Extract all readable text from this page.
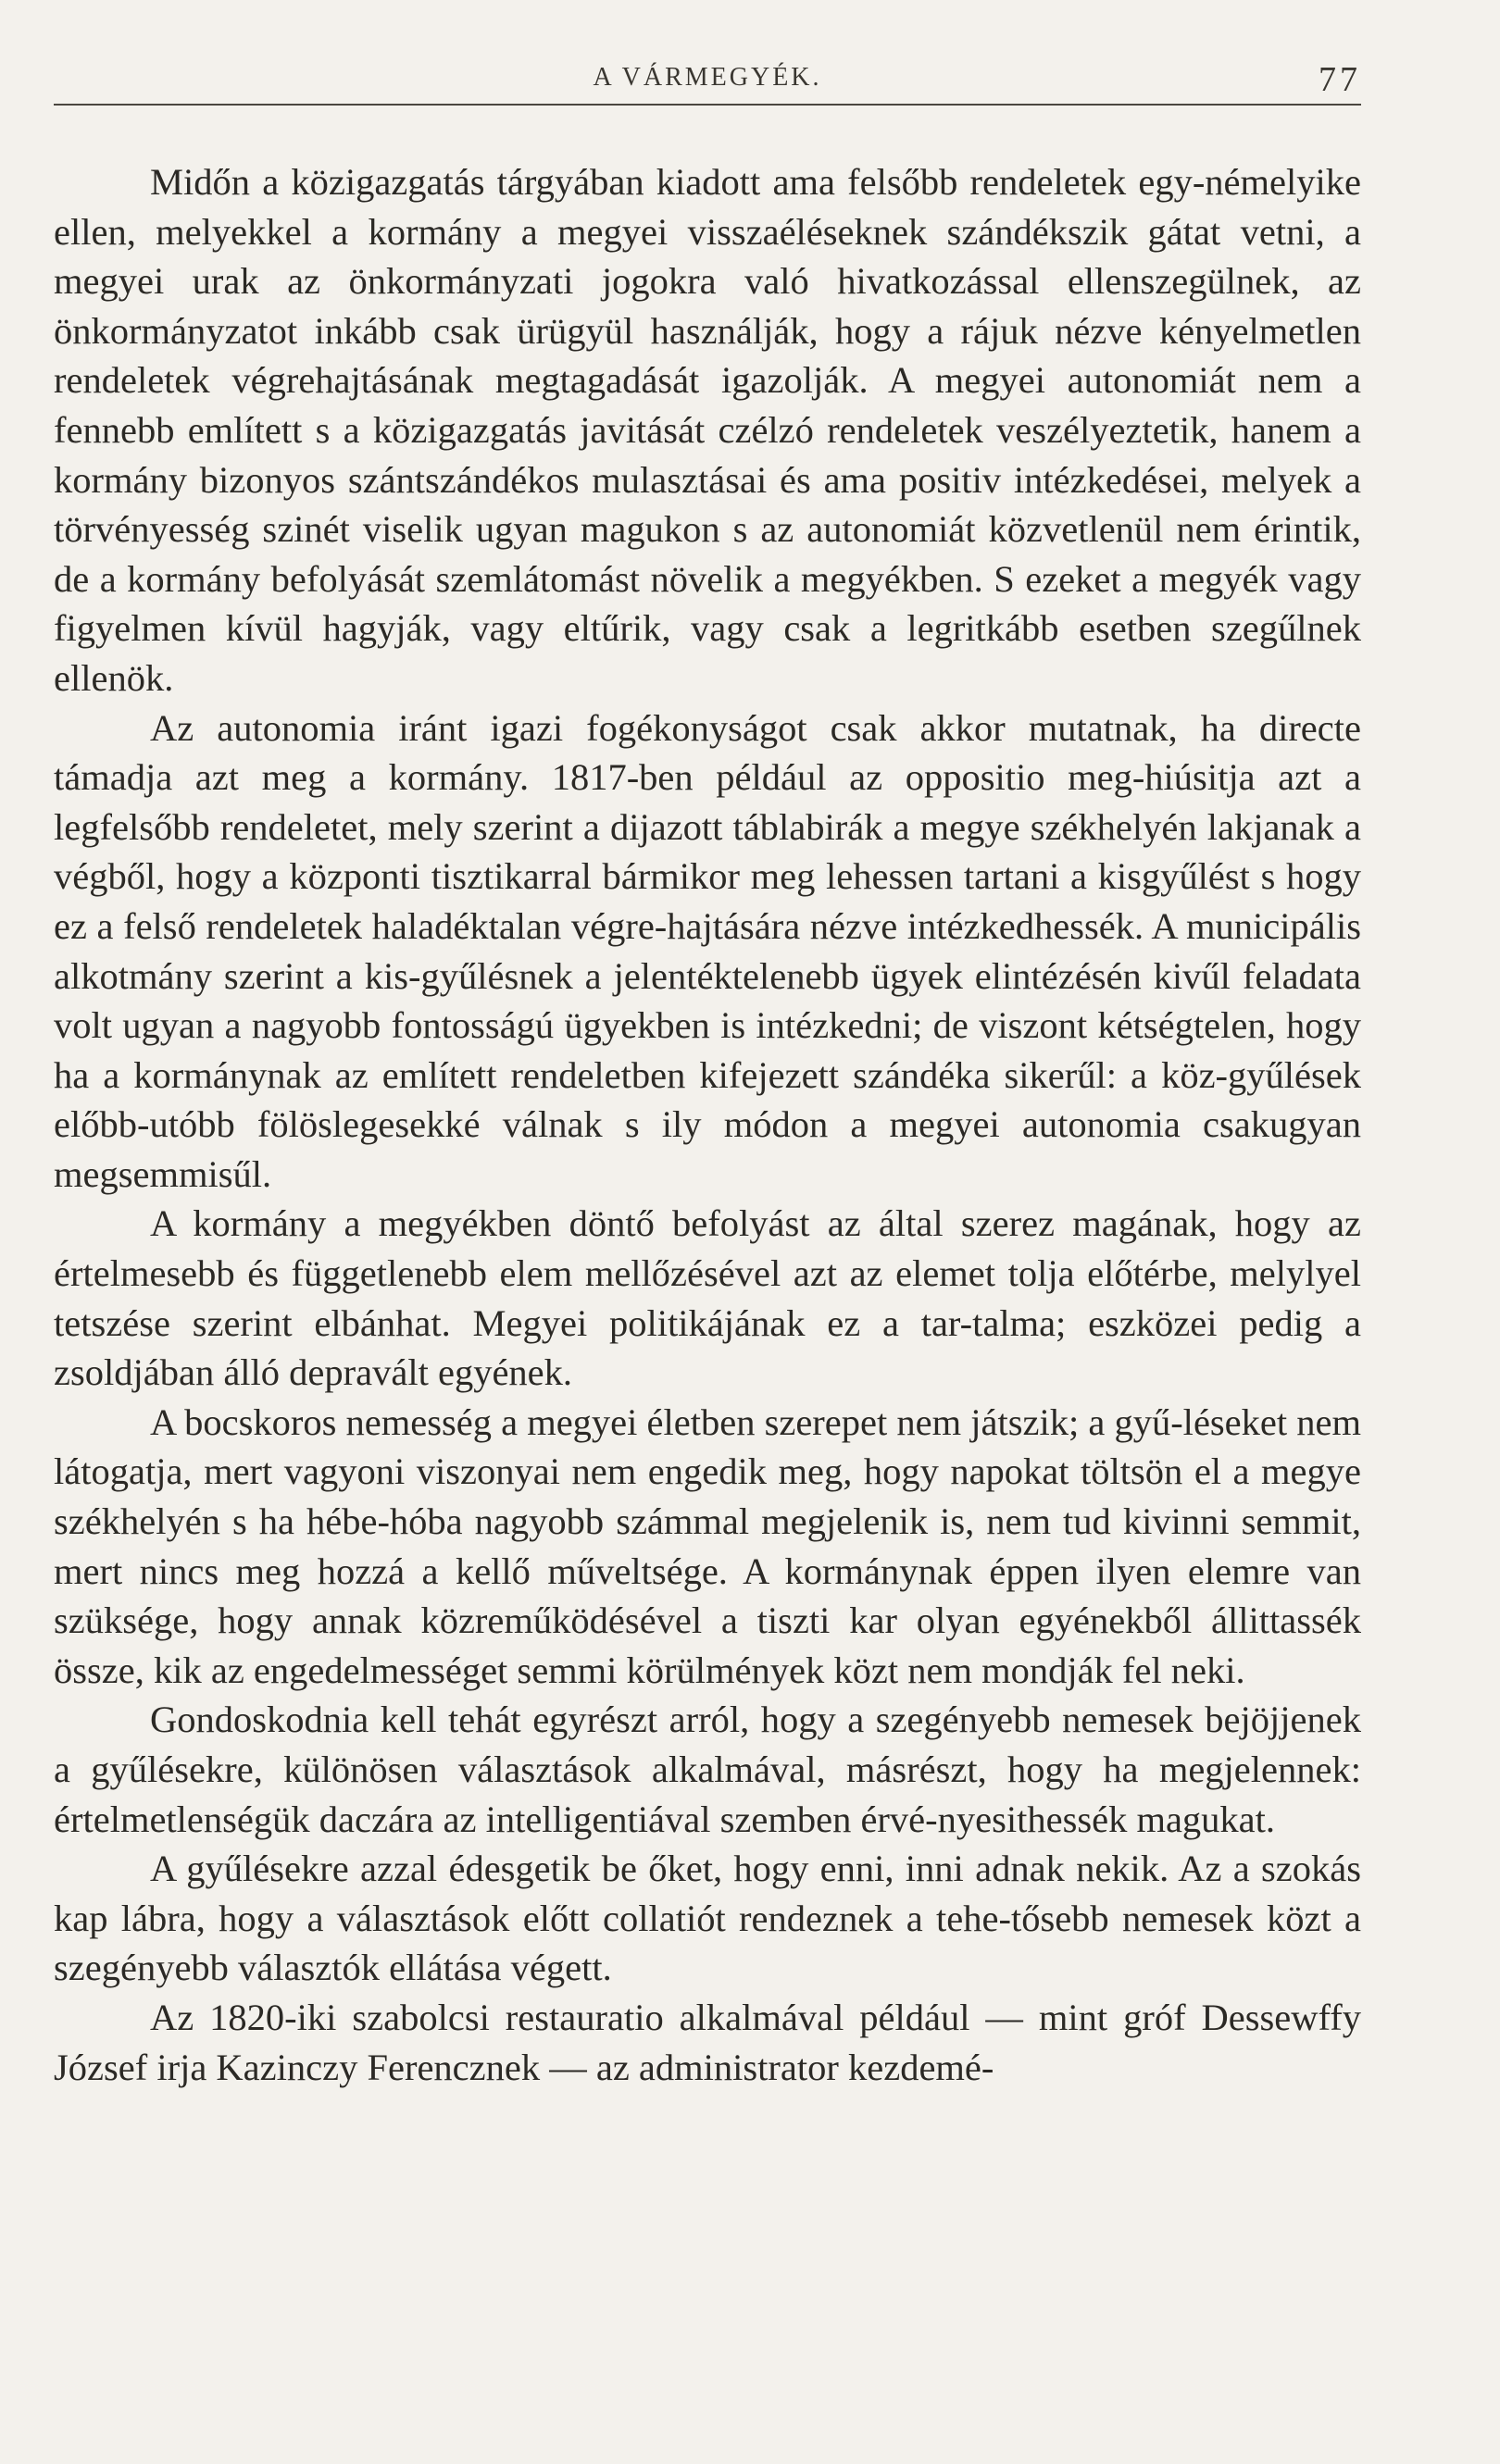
A VÁRMEGYÉK.	77

Midőn a közigazgatás tárgyában kiadott ama felsőbb rendeletek egy-némelyike ellen, melyekkel a kormány a megyei visszaéléseknek szándékszik gátat vetni, a megyei urak az önkormányzati jogokra való hivatkozással ellenszegülnek, az önkormányzatot inkább csak ürügyül használják, hogy a rájuk nézve kényelmetlen rendeletek végrehajtásának megtagadását igazolják. A megyei autonomiát nem a fennebb említett s a közigazgatás javitását czélzó rendeletek veszélyeztetik, hanem a kormány bizonyos szántszándékos mulasztásai és ama positiv intézkedései, melyek a törvényesség szinét viselik ugyan magukon s az autonomiát közvetlenül nem érintik, de a kormány befolyását szemlátomást növelik a megyékben. S ezeket a megyék vagy figyelmen kívül hagyják, vagy eltűrik, vagy csak a legritkább esetben szegűlnek ellenök.

Az autonomia iránt igazi fogékonyságot csak akkor mutatnak, ha directe támadja azt meg a kormány. 1817-ben például az oppositio meg-hiúsitja azt a legfelsőbb rendeletet, mely szerint a dijazott táblabirák a megye székhelyén lakjanak a végből, hogy a központi tisztikarral bármikor meg lehessen tartani a kisgyűlést s hogy ez a felső rendeletek haladéktalan végre-hajtására nézve intézkedhessék. A municipális alkotmány szerint a kis-gyűlésnek a jelentéktelenebb ügyek elintézésén kivűl feladata volt ugyan a nagyobb fontosságú ügyekben is intézkedni; de viszont kétségtelen, hogy ha a kormánynak az említett rendeletben kifejezett szándéka sikerűl: a köz-gyűlések előbb-utóbb fölöslegesekké válnak s ily módon a megyei autonomia csakugyan megsemmisűl.

A kormány a megyékben döntő befolyást az által szerez magának, hogy az értelmesebb és függetlenebb elem mellőzésével azt az elemet tolja előtérbe, melylyel tetszése szerint elbánhat. Megyei politikájának ez a tar-talma; eszközei pedig a zsoldjában álló depravált egyének.

A bocskoros nemesség a megyei életben szerepet nem játszik; a gyű-léseket nem látogatja, mert vagyoni viszonyai nem engedik meg, hogy napokat töltsön el a megye székhelyén s ha hébe-hóba nagyobb számmal megjelenik is, nem tud kivinni semmit, mert nincs meg hozzá a kellő műveltsége. A kormánynak éppen ilyen elemre van szüksége, hogy annak közreműködésével a tiszti kar olyan egyénekből állittassék össze, kik az engedelmességet semmi körülmények közt nem mondják fel neki.

Gondoskodnia kell tehát egyrészt arról, hogy a szegényebb nemesek bejöjjenek a gyűlésekre, különösen választások alkalmával, másrészt, hogy ha megjelennek: értelmetlenségük daczára az intelligentiával szemben érvé-nyesithessék magukat.

A gyűlésekre azzal édesgetik be őket, hogy enni, inni adnak nekik. Az a szokás kap lábra, hogy a választások előtt collatiót rendeznek a tehe-tősebb nemesek közt a szegényebb választók ellátása végett.

Az 1820-iki szabolcsi restauratio alkalmával például — mint gróf Dessewffy József irja Kazinczy Ferencznek — az administrator kezdemé-
